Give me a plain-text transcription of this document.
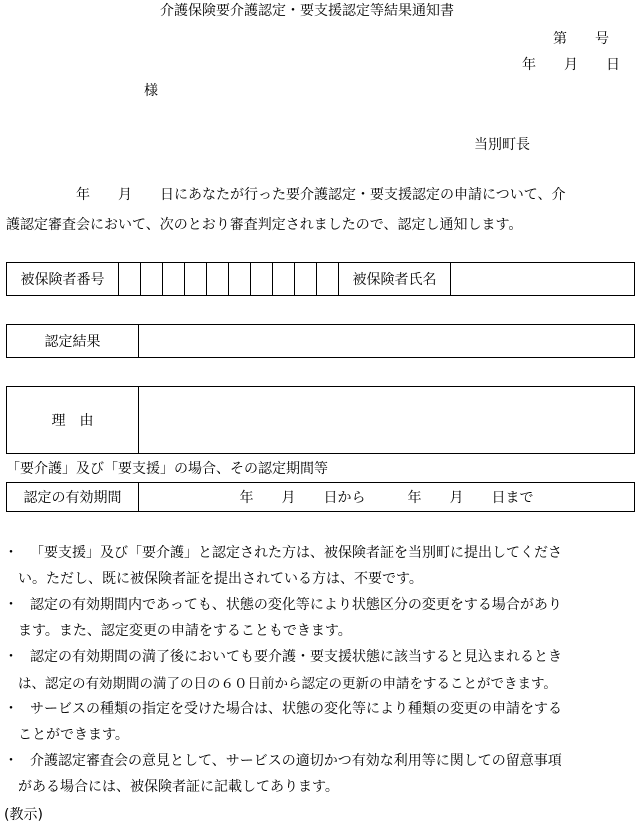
介護保険要介護認定・要支援認定等結果通知書
第　　号
年　　月　　日
様
当別町長
年　　月　　日にあなたが行った要介護認定・要支援認定の申請について、介
護認定審査会において、次のとおり審査判定されましたので、認定し通知します。
被保険者番号											被保険者氏名	
認定結果	
理　由	
「要介護」及び「要支援」の場合、その認定期間等
認定の有効期間	年　　月　　日から　　　年　　月　　日まで
・ 「要支援」及び「要介護」と認定された方は、被保険者証を当別町に提出してくださ
い。ただし、既に被保険者証を提出されている方は、不要です。
・ 認定の有効期間内であっても、状態の変化等により状態区分の変更をする場合があり
ます。また、認定変更の申請をすることもできます。
・ 認定の有効期間の満了後においても要介護・要支援状態に該当すると見込まれるとき
は、認定の有効期間の満了の日の６０日前から認定の更新の申請をすることができます。
・ サービスの種類の指定を受けた場合は、状態の変化等により種類の変更の申請をする
ことができます。
・ 介護認定審査会の意見として、サービスの適切かつ有効な利用等に関しての留意事項
がある場合には、被保険者証に記載してあります。
(教示)
